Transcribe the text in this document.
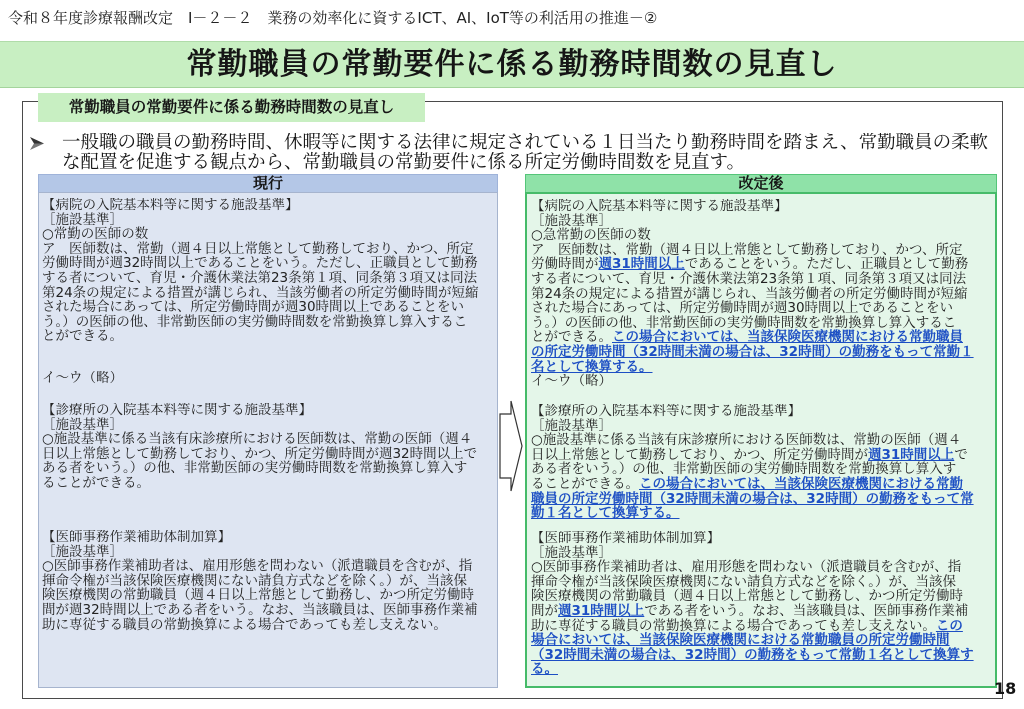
令和８年度診療報酬改定　Ⅰ－２－２　業務の効率化に資するICT、AI、IoT等の利活用の推進－②
常勤職員の常勤要件に係る勤務時間数の見直し
常勤職員の常勤要件に係る勤務時間数の見直し
一般職の職員の勤務時間、休暇等に関する法律に規定されている１日当たり勤務時間を踏まえ、常勤職員の柔軟
な配置を促進する観点から、常勤職員の常勤要件に係る所定労働時間数を見直す。
現行
【病院の入院基本料等に関する施設基準】
［施設基準］
○常勤の医師の数
ア　医師数は、常勤（週４日以上常態として勤務しており、かつ、所定
労働時間が週32時間以上であることをいう。ただし、正職員として勤務
する者について、育児・介護休業法第23条第１項、同条第３項又は同法
第24条の規定による措置が講じられ、当該労働者の所定労働時間が短縮
された場合にあっては、所定労働時間が週30時間以上であることをい
う。）の医師の他、非常勤医師の実労働時間数を常勤換算し算入するこ
とができる。
イ～ウ（略）
【診療所の入院基本料等に関する施設基準】
［施設基準］
○施設基準に係る当該有床診療所における医師数は、常勤の医師（週４
日以上常態として勤務しており、かつ、所定労働時間が週32時間以上で
ある者をいう。）の他、非常勤医師の実労働時間数を常勤換算し算入す
ることができる。
【医師事務作業補助体制加算】
［施設基準］
○医師事務作業補助者は、雇用形態を問わない（派遣職員を含むが、指
揮命令権が当該保険医療機関にない請負方式などを除く。）が、当該保
険医療機関の常勤職員（週４日以上常態として勤務し、かつ所定労働時
間が週32時間以上である者をいう。なお、当該職員は、医師事務作業補
助に専従する職員の常勤換算による場合であっても差し支えない。
改定後
【病院の入院基本料等に関する施設基準】
［施設基準］
○急常勤の医師の数
ア　医師数は、常勤（週４日以上常態として勤務しており、かつ、所定
労働時間が週31時間以上であることをいう。ただし、正職員として勤務
する者について、育児・介護休業法第23条第１項、同条第３項又は同法
第24条の規定による措置が講じられ、当該労働者の所定労働時間が短縮
された場合にあっては、所定労働時間が週30時間以上であることをい
う。）の医師の他、非常勤医師の実労働時間数を常勤換算し算入するこ
とができる。この場合においては、当該保険医療機関における常勤職員
の所定労働時間（32時間未満の場合は、32時間）の勤務をもって常勤１
名として換算する。
イ～ウ（略）
【診療所の入院基本料等に関する施設基準】
［施設基準］
○施設基準に係る当該有床診療所における医師数は、常勤の医師（週４
日以上常態として勤務しており、かつ、所定労働時間が週31時間以上で
ある者をいう。）の他、非常勤医師の実労働時間数を常勤換算し算入す
ることができる。この場合においては、当該保険医療機関における常勤
職員の所定労働時間（32時間未満の場合は、32時間）の勤務をもって常
勤１名として換算する。
【医師事務作業補助体制加算】
［施設基準］
○医師事務作業補助者は、雇用形態を問わない（派遣職員を含むが、指
揮命令権が当該保険医療機関にない請負方式などを除く。）が、当該保
険医療機関の常勤職員（週４日以上常態として勤務し、かつ所定労働時
間が週31時間以上である者をいう。なお、当該職員は、医師事務作業補
助に専従する職員の常勤換算による場合であっても差し支えない。この
場合においては、当該保険医療機関における常勤職員の所定労働時間
（32時間未満の場合は、32時間）の勤務をもって常勤１名として換算す
る。
18
